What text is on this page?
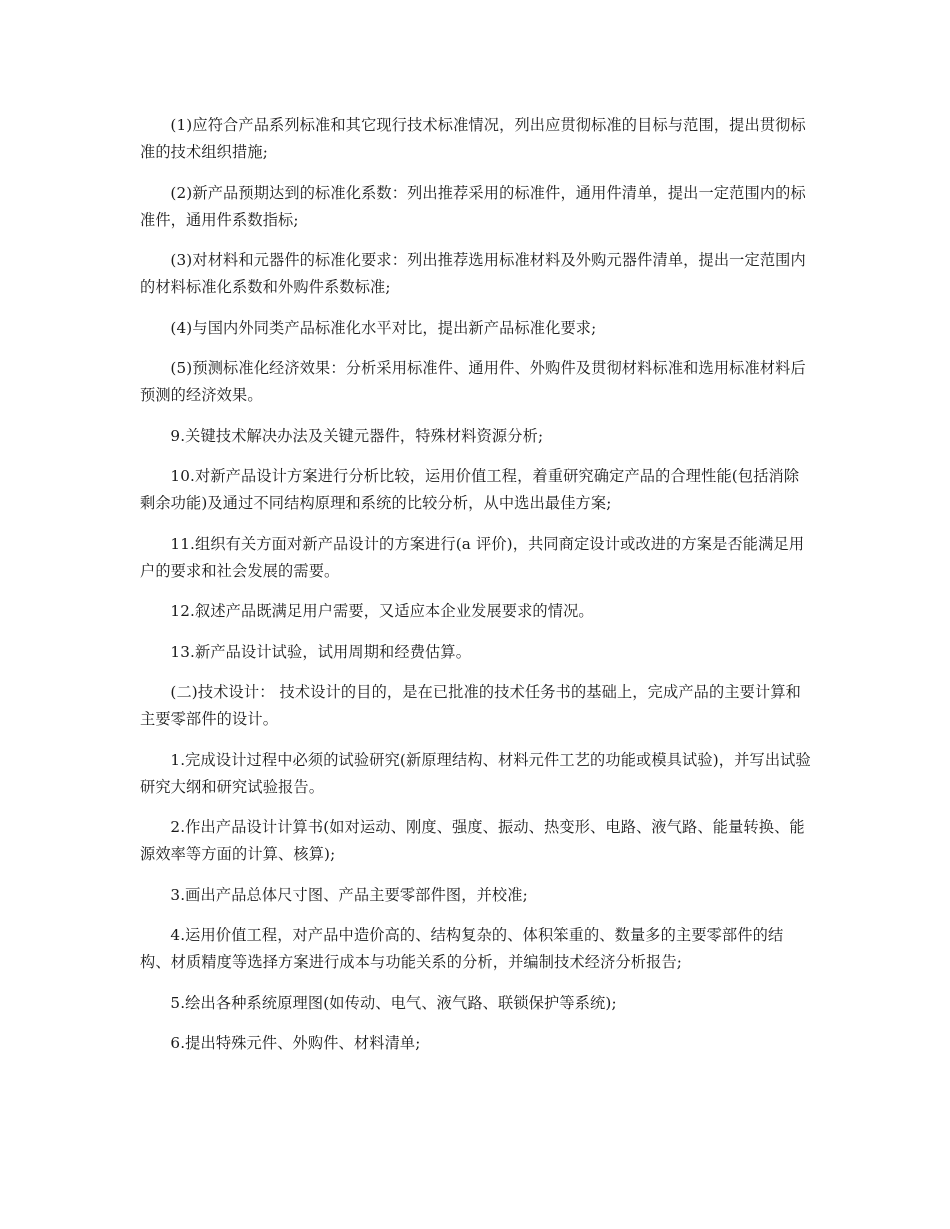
(1)应符合产品系列标准和其它现行技术标准情况，列出应贯彻标准的目标与范围，提出贯彻标准的技术组织措施;

(2)新产品预期达到的标准化系数：列出推荐采用的标准件，通用件清单，提出一定范围内的标准件，通用件系数指标;

(3)对材料和元器件的标准化要求：列出推荐选用标准材料及外购元器件清单，提出一定范围内的材料标准化系数和外购件系数标准;

(4)与国内外同类产品标准化水平对比，提出新产品标准化要求;

(5)预测标准化经济效果：分析采用标准件、通用件、外购件及贯彻材料标准和选用标准材料后预测的经济效果。

9.关键技术解决办法及关键元器件，特殊材料资源分析;

10.对新产品设计方案进行分析比较，运用价值工程，着重研究确定产品的合理性能(包括消除剩余功能)及通过不同结构原理和系统的比较分析，从中选出最佳方案;

11.组织有关方面对新产品设计的方案进行(a 评价)，共同商定设计或改进的方案是否能满足用户的要求和社会发展的需要。

12.叙述产品既满足用户需要，又适应本企业发展要求的情况。

13.新产品设计试验，试用周期和经费估算。

(二)技术设计： 技术设计的目的，是在已批准的技术任务书的基础上，完成产品的主要计算和主要零部件的设计。

1.完成设计过程中必须的试验研究(新原理结构、材料元件工艺的功能或模具试验)，并写出试验研究大纲和研究试验报告。

2.作出产品设计计算书(如对运动、刚度、强度、振动、热变形、电路、液气路、能量转换、能源效率等方面的计算、核算);

3.画出产品总体尺寸图、产品主要零部件图，并校准;

4.运用价值工程，对产品中造价高的、结构复杂的、体积笨重的、数量多的主要零部件的结构、材质精度等选择方案进行成本与功能关系的分析，并编制技术经济分析报告;

5.绘出各种系统原理图(如传动、电气、液气路、联锁保护等系统);

6.提出特殊元件、外购件、材料清单;
